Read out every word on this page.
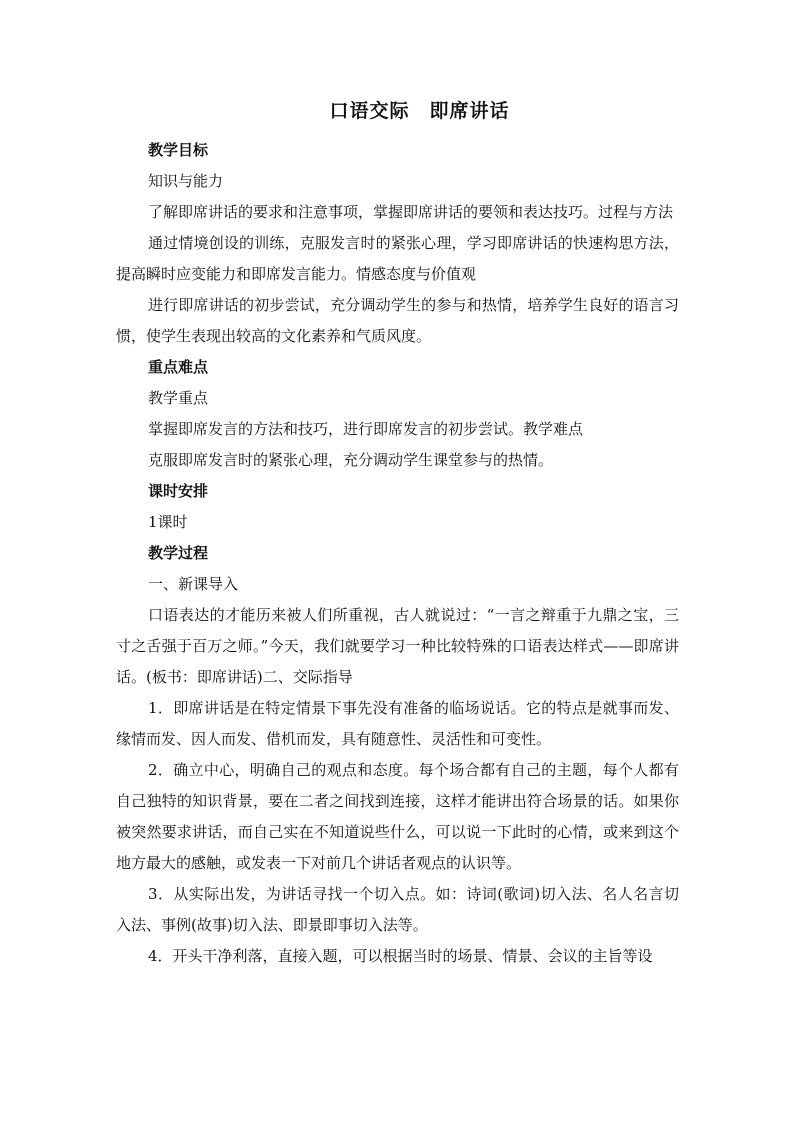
口语交际　即席讲话
教学目标
知识与能力
了解即席讲话的要求和注意事项，掌握即席讲话的要领和表达技巧。过程与方法
通过情境创设的训练，克服发言时的紧张心理，学习即席讲话的快速构思方法，提高瞬时应变能力和即席发言能力。情感态度与价值观
进行即席讲话的初步尝试，充分调动学生的参与和热情，培养学生良好的语言习惯，使学生表现出较高的文化素养和气质风度。
重点难点
教学重点
掌握即席发言的方法和技巧，进行即席发言的初步尝试。教学难点
克服即席发言时的紧张心理，充分调动学生课堂参与的热情。
课时安排
1课时
教学过程
一、新课导入
口语表达的才能历来被人们所重视，古人就说过：“一言之辩重于九鼎之宝，三寸之舌强于百万之师。”今天，我们就要学习一种比较特殊的口语表达样式——即席讲话。(板书：即席讲话)二、交际指导
1．即席讲话是在特定情景下事先没有准备的临场说话。它的特点是就事而发、缘情而发、因人而发、借机而发，具有随意性、灵活性和可变性。
2．确立中心，明确自己的观点和态度。每个场合都有自己的主题，每个人都有自己独特的知识背景，要在二者之间找到连接，这样才能讲出符合场景的话。如果你被突然要求讲话，而自己实在不知道说些什么，可以说一下此时的心情，或来到这个地方最大的感触，或发表一下对前几个讲话者观点的认识等。
3．从实际出发，为讲话寻找一个切入点。如：诗词(歌词)切入法、名人名言切入法、事例(故事)切入法、即景即事切入法等。
4．开头干净利落，直接入题，可以根据当时的场景、情景、会议的主旨等设
